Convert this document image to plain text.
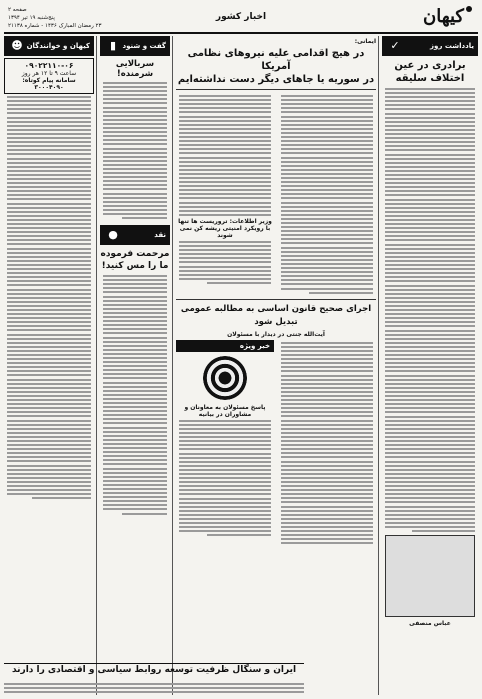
کیهان
اخبار کشور
صفحه ۲
پنج‌شنبه ۱۹ تیر ۱۳۹۴
۲۳ رمضان المبارک ۱۴۳۶ - شماره ۲۱۱۳۸
یادداشت روز
✓
برادری در عین اختلاف سلیقه
عباس منصفی
ایمانی:
در هیچ اقدامی علیه نیروهای نظامی آمریکا
در سوریه یا جاهای دیگر دست نداشته‌ایم
وزیر اطلاعات: تروریست ها تنها با رویکرد امنیتی ریشه کن نمی شوند
اجرای صحیح قانون اساسی به مطالبه عمومی تبدیل شود
آیت‌الله جنتی در دیدار با مسئولان
خبر ویژه
پاسخ مسئولان به معاونان و مشاوران در بیانیه
گفت و شنود
▮
سربالایی شرمنده!
نقد
●
مرحمت فرموده ما را مس کنید!
کیهان و خوانندگان
☻
۰۹۰۲۲۱۱۰-۰۶
ساعت ۹ تا ۱۲ هر روز
سامانه پیام کوتاه: ۳۰۰۰۴۰۹۰
ایران و سنگال ظرفیت توسعه روابط سیاسی و اقتصادی را دارند
